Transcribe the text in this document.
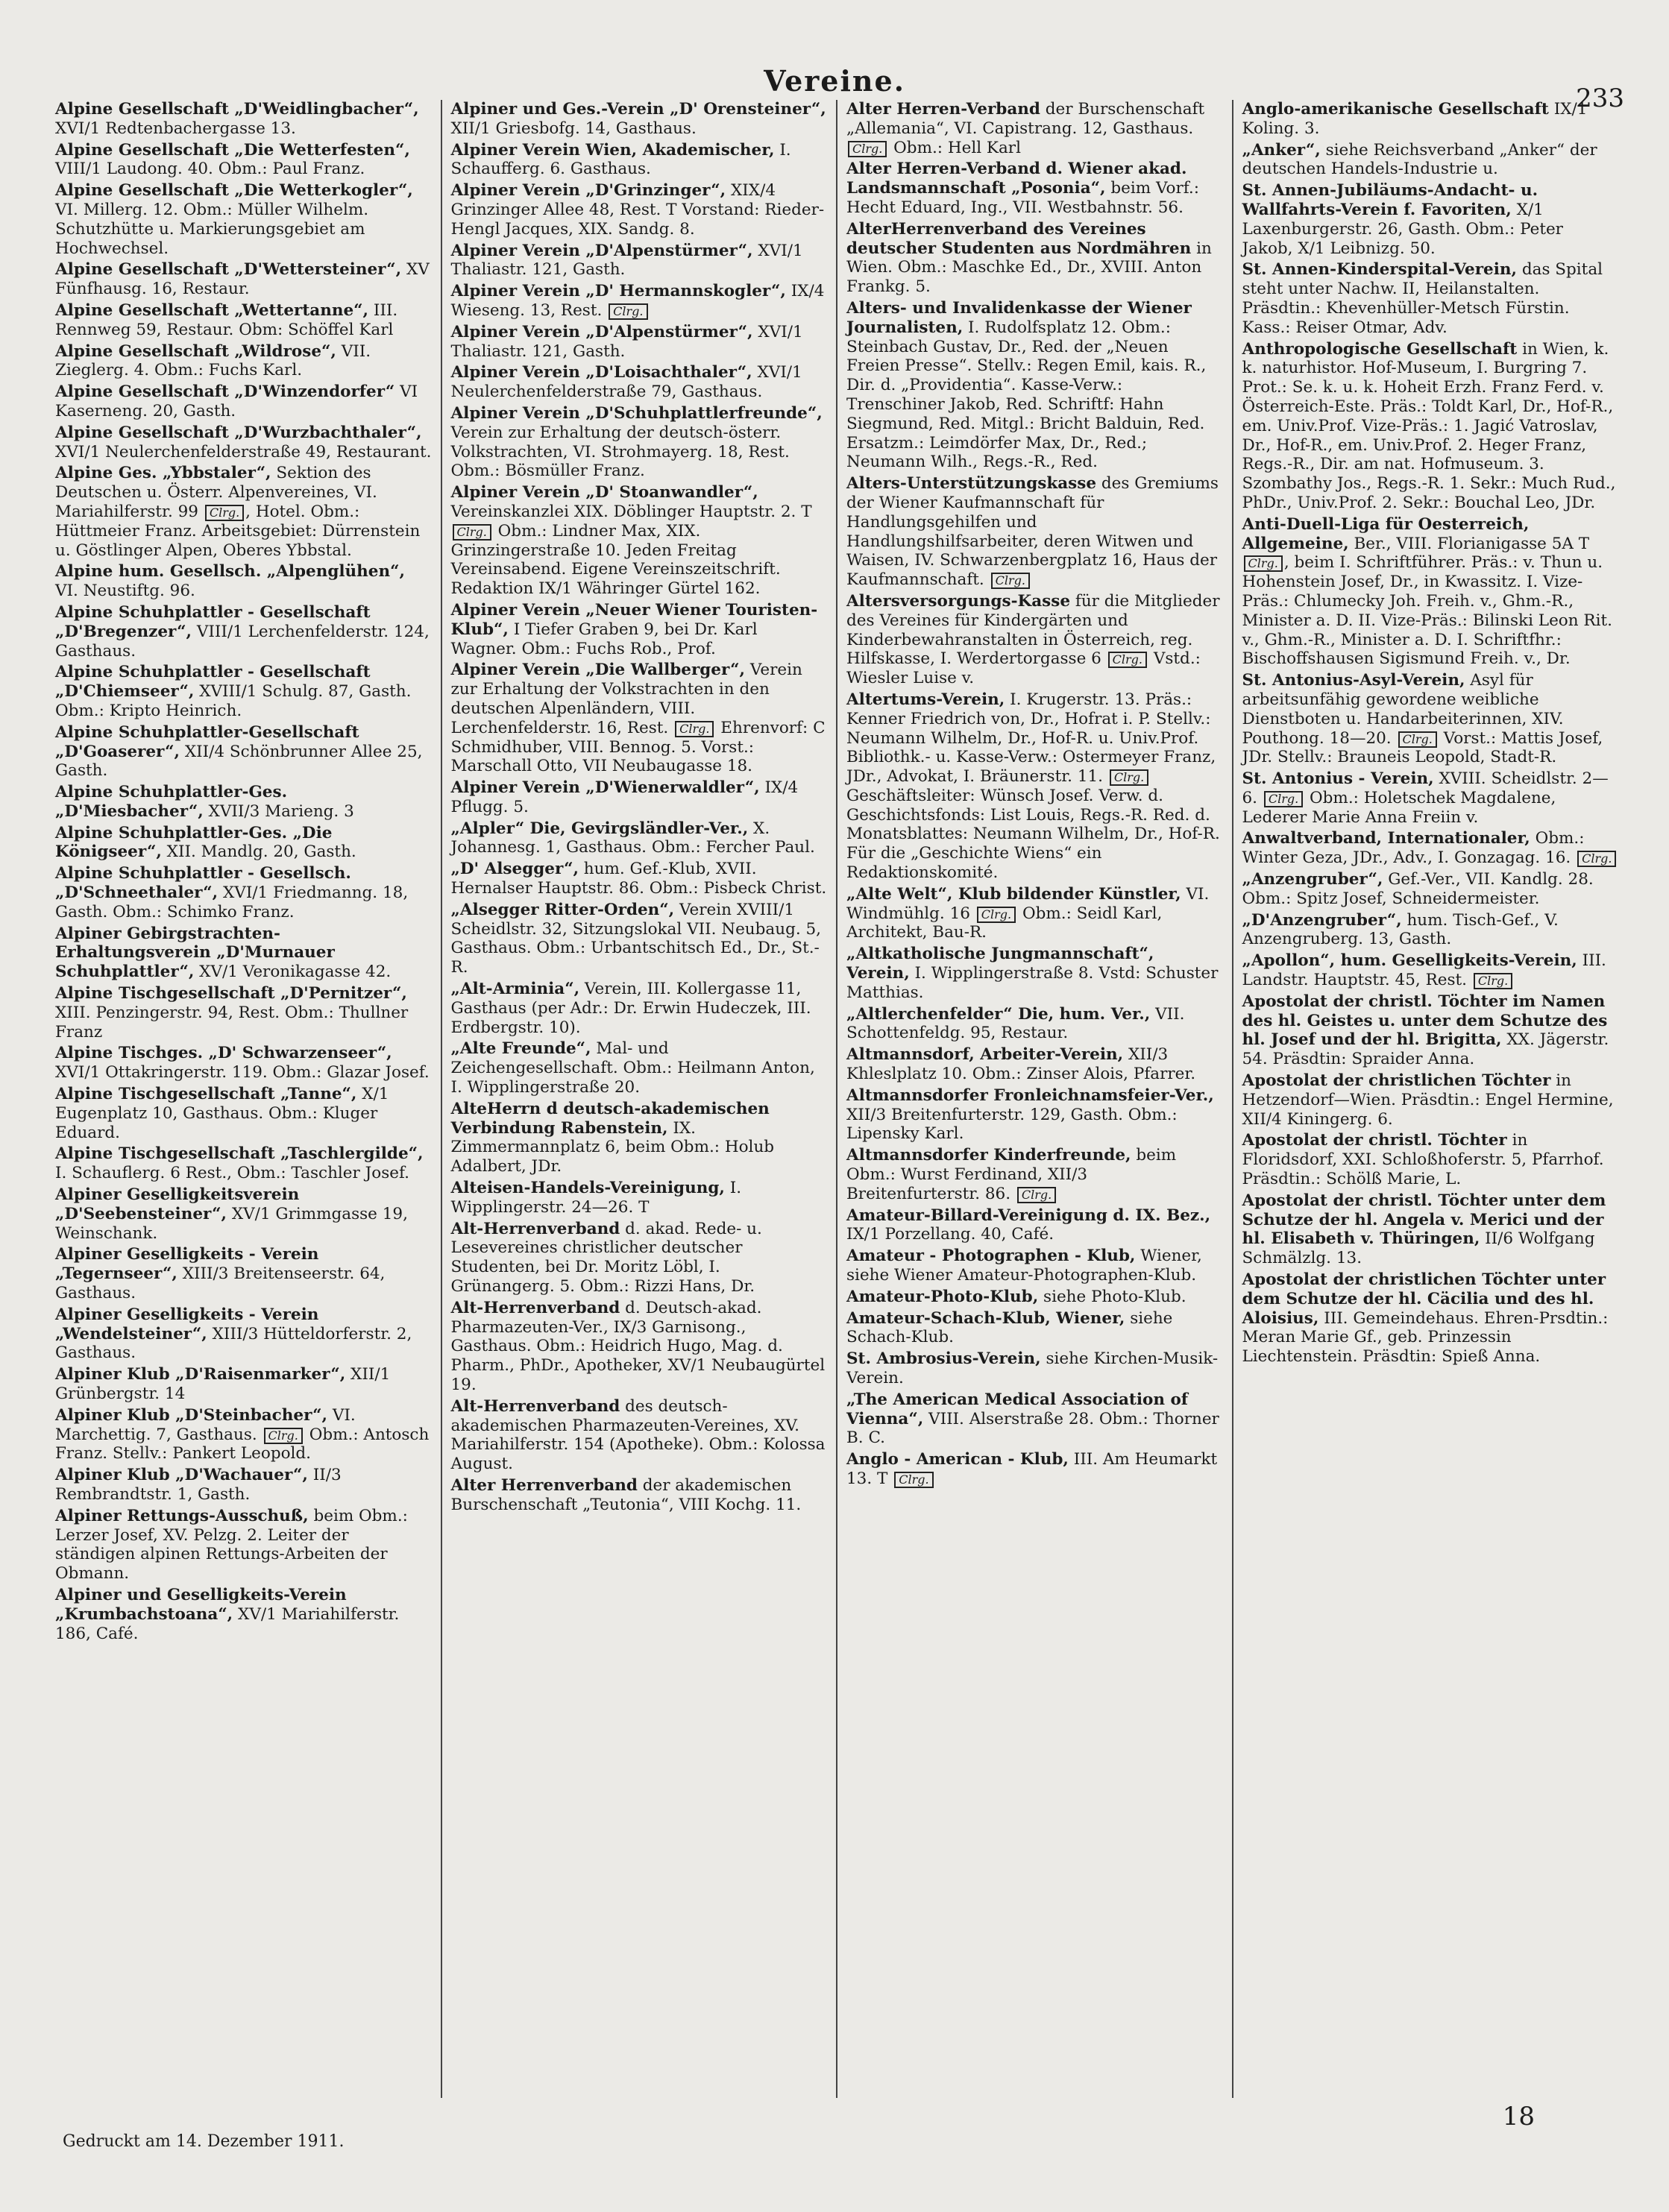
Vereine.
233

Alpine Gesellschaft „D'Weidlingbacher“, XVI/1 Redtenbachergasse 13.

Alpine Gesellschaft „Die Wetterfesten“, VIII/1 Laudong. 40. Obm.: Paul Franz.

Alpine Gesellschaft „Die Wetterkogler“, VI. Millerg. 12. Obm.: Müller Wilhelm. Schutzhütte u. Markierungsgebiet am Hochwechsel.

Alpine Gesellschaft „D'Wettersteiner“, XV Fünfhausg. 16, Restaur.

Alpine Gesellschaft „Wettertanne“, III. Rennweg 59, Restaur. Obm: Schöffel Karl

Alpine Gesellschaft „Wildrose“, VII. Zieglerg. 4. Obm.: Fuchs Karl.

Alpine Gesellschaft „D'Winzendorfer“ VI Kaserneng. 20, Gasth.

Alpine Gesellschaft „D'Wurzbachthaler“, XVI/1 Neulerchenfelderstraße 49, Restaurant.

Alpine Ges. „Ybbstaler“, Sektion des Deutschen u. Österr. Alpenvereines, VI. Mariahilferstr. 99 Clrg. , Hotel. Obm.: Hüttmeier Franz. Arbeitsgebiet: Dürrenstein u. Göstlinger Alpen, Oberes Ybbstal.

Alpine hum. Gesellsch. „Alpenglühen“, VI. Neustiftg. 96.

Alpine Schuhplattler - Gesellschaft „D'Bregenzer“, VIII/1 Lerchenfelderstr. 124, Gasthaus.

Alpine Schuhplattler - Gesellschaft „D'Chiemseer“, XVIII/1 Schulg. 87, Gasth. Obm.: Kripto Heinrich.

Alpine Schuhplattler-Gesellschaft „D'Goaserer“, XII/4 Schönbrunner Allee 25, Gasth.

Alpine Schuhplattler-Ges. „D'Miesbacher“, XVII/3 Marieng. 3

Alpine Schuhplattler-Ges. „Die Königseer“, XII. Mandlg. 20, Gasth.

Alpine Schuhplattler - Gesellsch. „D'Schneethaler“, XVI/1 Friedmanng. 18, Gasth. Obm.: Schimko Franz.

Alpiner Gebirgstrachten-Erhaltungsverein „D'Murnauer Schuhplattler“, XV/1 Veronikagasse 42.

Alpine Tischgesellschaft „D'Pernitzer“, XIII. Penzingerstr. 94, Rest. Obm.: Thullner Franz

Alpine Tischges. „D' Schwarzenseer“, XVI/1 Ottakringerstr. 119. Obm.: Glazar Josef.

Alpine Tischgesellschaft „Tanne“, X/1 Eugenplatz 10, Gasthaus. Obm.: Kluger Eduard.

Alpine Tischgesellschaft „Taschlergilde“, I. Schauflerg. 6 Rest., Obm.: Taschler Josef.

Alpiner Geselligkeitsverein „D'Seebensteiner“, XV/1 Grimmgasse 19, Weinschank.

Alpiner Geselligkeits - Verein „Tegernseer“, XIII/3 Breitenseerstr. 64, Gasthaus.

Alpiner Geselligkeits - Verein „Wendelsteiner“, XIII/3 Hütteldorferstr. 2, Gasthaus.

Alpiner Klub „D'Raisenmarker“, XII/1 Grünbergstr. 14

Alpiner Klub „D'Steinbacher“, VI. Marchettig. 7, Gasthaus. Clrg. Obm.: Antosch Franz. Stellv.: Pankert Leopold.

Alpiner Klub „D'Wachauer“, II/3 Rembrandtstr. 1, Gasth.

Alpiner Rettungs-Ausschuß, beim Obm.: Lerzer Josef, XV. Pelzg. 2. Leiter der ständigen alpinen Rettungs-Arbeiten der Obmann.

Alpiner und Geselligkeits-Verein „Krumbachstoana“, XV/1 Mariahilferstr. 186, Café.

Alpiner und Ges.-Verein „D' Orensteiner“, XII/1 Griesbofg. 14, Gasthaus.

Alpiner Verein Wien, Akademischer, I. Schaufferg. 6. Gasthaus.

Alpiner Verein „D'Grinzinger“, XIX/4 Grinzinger Allee 48, Rest. T Vorstand: Rieder-Hengl Jacques, XIX. Sandg. 8.

Alpiner Verein „D'Alpenstürmer“, XVI/1 Thaliastr. 121, Gasth.

Alpiner Verein „D' Hermannskogler“, IX/4 Wieseng. 13, Rest. Clrg.

Alpiner Verein „D'Alpenstürmer“, XVI/1 Thaliastr. 121, Gasth.

Alpiner Verein „D'Loisachthaler“, XVI/1 Neulerchenfelderstraße 79, Gasthaus.

Alpiner Verein „D'Schuhplattlerfreunde“, Verein zur Erhaltung der deutsch-österr. Volkstrachten, VI. Strohmayerg. 18, Rest. Obm.: Bösmüller Franz.

Alpiner Verein „D' Stoanwandler“, Vereinskanzlei XIX. Döblinger Hauptstr. 2. T Clrg. Obm.: Lindner Max, XIX. Grinzingerstraße 10. Jeden Freitag Vereinsabend. Eigene Vereinszeitschrift. Redaktion IX/1 Währinger Gürtel 162.

Alpiner Verein „Neuer Wiener Touristen-Klub“, I Tiefer Graben 9, bei Dr. Karl Wagner. Obm.: Fuchs Rob., Prof.

Alpiner Verein „Die Wallberger“, Verein zur Erhaltung der Volkstrachten in den deutschen Alpenländern, VIII. Lerchenfelderstr. 16, Rest. Clrg. Ehrenvorf: C Schmidhuber, VIII. Bennog. 5. Vorst.: Marschall Otto, VII Neubaugasse 18.

Alpiner Verein „D'Wienerwaldler“, IX/4 Pflugg. 5.

„Alpler“ Die, Gevirgsländler-Ver., X. Johannesg. 1, Gasthaus. Obm.: Fercher Paul.

„D' Alsegger“, hum. Gef.-Klub, XVII. Hernalser Hauptstr. 86. Obm.: Pisbeck Christ.

„Alsegger Ritter-Orden“, Verein XVIII/1 Scheidlstr. 32, Sitzungslokal VII. Neubaug. 5, Gasthaus. Obm.: Urbantschitsch Ed., Dr., St.-R.

„Alt-Arminia“, Verein, III. Kollergasse 11, Gasthaus (per Adr.: Dr. Erwin Hudeczek, III. Erdbergstr. 10).

„Alte Freunde“, Mal- und Zeichengesellschaft. Obm.: Heilmann Anton, I. Wipplingerstraße 20.

AlteHerrn d deutsch-akademischen Verbindung Rabenstein, IX. Zimmermannplatz 6, beim Obm.: Holub Adalbert, JDr.

Alteisen-Handels-Vereinigung, I. Wipplingerstr. 24—26. T

Alt-Herrenverband d. akad. Rede- u. Lesevereines christlicher deutscher Studenten, bei Dr. Moritz Löbl, I. Grünangerg. 5. Obm.: Rizzi Hans, Dr.

Alt-Herrenverband d. Deutsch-akad. Pharmazeuten-Ver., IX/3 Garnisong., Gasthaus. Obm.: Heidrich Hugo, Mag. d. Pharm., PhDr., Apotheker, XV/1 Neubaugürtel 19.

Alt-Herrenverband des deutsch-akademischen Pharmazeuten-Vereines, XV. Mariahilferstr. 154 (Apotheke). Obm.: Kolossa August.

Alter Herrenverband der akademischen Burschenschaft „Teutonia“, VIII Kochg. 11.

Alter Herren-Verband der Burschenschaft „Allemania“, VI. Capistrang. 12, Gasthaus. Clrg. Obm.: Hell Karl

Alter Herren-Verband d. Wiener akad. Landsmannschaft „Posonia“, beim Vorf.: Hecht Eduard, Ing., VII. Westbahnstr. 56.

AlterHerrenverband des Vereines deutscher Studenten aus Nordmähren in Wien. Obm.: Maschke Ed., Dr., XVIII. Anton Frankg. 5.

Alters- und Invalidenkasse der Wiener Journalisten, I. Rudolfsplatz 12. Obm.: Steinbach Gustav, Dr., Red. der „Neuen Freien Presse“. Stellv.: Regen Emil, kais. R., Dir. d. „Providentia“. Kasse-Verw.: Trenschiner Jakob, Red. Schriftf: Hahn Siegmund, Red. Mitgl.: Bricht Balduin, Red. Ersatzm.: Leimdörfer Max, Dr., Red.; Neumann Wilh., Regs.-R., Red.

Alters-Unterstützungskasse des Gremiums der Wiener Kaufmannschaft für Handlungsgehilfen und Handlungshilfsarbeiter, deren Witwen und Waisen, IV. Schwarzenbergplatz 16, Haus der Kaufmannschaft. Clrg.

Altersversorgungs-Kasse für die Mitglieder des Vereines für Kindergärten und Kinderbewahranstalten in Österreich, reg. Hilfskasse, I. Werdertorgasse 6 Clrg. Vstd.: Wiesler Luise v.

Altertums-Verein, I. Krugerstr. 13. Präs.: Kenner Friedrich von, Dr., Hofrat i. P. Stellv.: Neumann Wilhelm, Dr., Hof-R. u. Univ.Prof. Bibliothk.- u. Kasse-Verw.: Ostermeyer Franz, JDr., Advokat, I. Bräunerstr. 11. Clrg. Geschäftsleiter: Wünsch Josef. Verw. d. Geschichtsfonds: List Louis, Regs.-R. Red. d. Monatsblattes: Neumann Wilhelm, Dr., Hof-R. Für die „Geschichte Wiens“ ein Redaktionskomité.

„Alte Welt“, Klub bildender Künstler, VI. Windmühlg. 16 Clrg. Obm.: Seidl Karl, Architekt, Bau-R.

„Altkatholische Jungmannschaft“, Verein, I. Wipplingerstraße 8. Vstd: Schuster Matthias.

„Altlerchenfelder“ Die, hum. Ver., VII. Schottenfeldg. 95, Restaur.

Altmannsdorf, Arbeiter-Verein, XII/3 Khleslplatz 10. Obm.: Zinser Alois, Pfarrer.

Altmannsdorfer Fronleichnamsfeier-Ver., XII/3 Breitenfurterstr. 129, Gasth. Obm.: Lipensky Karl.

Altmannsdorfer Kinderfreunde, beim Obm.: Wurst Ferdinand, XII/3 Breitenfurterstr. 86. Clrg.

Amateur-Billard-Vereinigung d. IX. Bez., IX/1 Porzellang. 40, Café.

Amateur - Photographen - Klub, Wiener, siehe Wiener Amateur-Photographen-Klub.

Amateur-Photo-Klub, siehe Photo-Klub.

Amateur-Schach-Klub, Wiener, siehe Schach-Klub.

St. Ambrosius-Verein, siehe Kirchen-Musik-Verein.

„The American Medical Association of Vienna“, VIII. Alserstraße 28. Obm.: Thorner B. C.

Anglo - American - Klub, III. Am Heumarkt 13. T Clrg.

Anglo-amerikanische Gesellschaft IX/1 Koling. 3.

„Anker“, siehe Reichsverband „Anker“ der deutschen Handels-Industrie u.

St. Annen-Jubiläums-Andacht- u. Wallfahrts-Verein f. Favoriten, X/1 Laxenburgerstr. 26, Gasth. Obm.: Peter Jakob, X/1 Leibnizg. 50.

St. Annen-Kinderspital-Verein, das Spital steht unter Nachw. II, Heilanstalten. Präsdtin.: Khevenhüller-Metsch Fürstin. Kass.: Reiser Otmar, Adv.

Anthropologische Gesellschaft in Wien, k. k. naturhistor. Hof-Museum, I. Burgring 7. Prot.: Se. k. u. k. Hoheit Erzh. Franz Ferd. v. Österreich-Este. Präs.: Toldt Karl, Dr., Hof-R., em. Univ.Prof. Vize-Präs.: 1. Jagić Vatroslav, Dr., Hof-R., em. Univ.Prof. 2. Heger Franz, Regs.-R., Dir. am nat. Hofmuseum. 3. Szombathy Jos., Regs.-R. 1. Sekr.: Much Rud., PhDr., Univ.Prof. 2. Sekr.: Bouchal Leo, JDr.

Anti-Duell-Liga für Oesterreich, Allgemeine, Ber., VIII. Florianigasse 5A T Clrg. , beim I. Schriftführer. Präs.: v. Thun u. Hohenstein Josef, Dr., in Kwassitz. I. Vize-Präs.: Chlumecky Joh. Freih. v., Ghm.-R., Minister a. D. II. Vize-Präs.: Bilinski Leon Rit. v., Ghm.-R., Minister a. D. I. Schriftfhr.: Bischoffshausen Sigismund Freih. v., Dr.

St. Antonius-Asyl-Verein, Asyl für arbeitsunfähig gewordene weibliche Dienstboten u. Handarbeiterinnen, XIV. Pouthong. 18—20. Clrg. Vorst.: Mattis Josef, JDr. Stellv.: Brauneis Leopold, Stadt-R.

St. Antonius - Verein, XVIII. Scheidlstr. 2—6. Clrg. Obm.: Holetschek Magdalene, Lederer Marie Anna Freiin v.

Anwaltverband, Internationaler, Obm.: Winter Geza, JDr., Adv., I. Gonzagag. 16. Clrg.

„Anzengruber“, Gef.-Ver., VII. Kandlg. 28. Obm.: Spitz Josef, Schneidermeister.

„D'Anzengruber“, hum. Tisch-Gef., V. Anzengruberg. 13, Gasth.

„Apollon“, hum. Geselligkeits-Verein, III. Landstr. Hauptstr. 45, Rest. Clrg.

Apostolat der christl. Töchter im Namen des hl. Geistes u. unter dem Schutze des hl. Josef und der hl. Brigitta, XX. Jägerstr. 54. Präsdtin: Spraider Anna.

Apostolat der christlichen Töchter in Hetzendorf—Wien. Präsdtin.: Engel Hermine, XII/4 Kiningerg. 6.

Apostolat der christl. Töchter in Floridsdorf, XXI. Schloßhoferstr. 5, Pfarrhof. Präsdtin.: Schölß Marie, L.

Apostolat der christl. Töchter unter dem Schutze der hl. Angela v. Merici und der hl. Elisabeth v. Thüringen, II/6 Wolfgang Schmälzlg. 13.

Apostolat der christlichen Töchter unter dem Schutze der hl. Cäcilia und des hl. Aloisius, III. Gemeindehaus. Ehren-Prsdtin.: Meran Marie Gf., geb. Prinzessin Liechtenstein. Präsdtin: Spieß Anna.

Gedruckt am 14. Dezember 1911.
18
